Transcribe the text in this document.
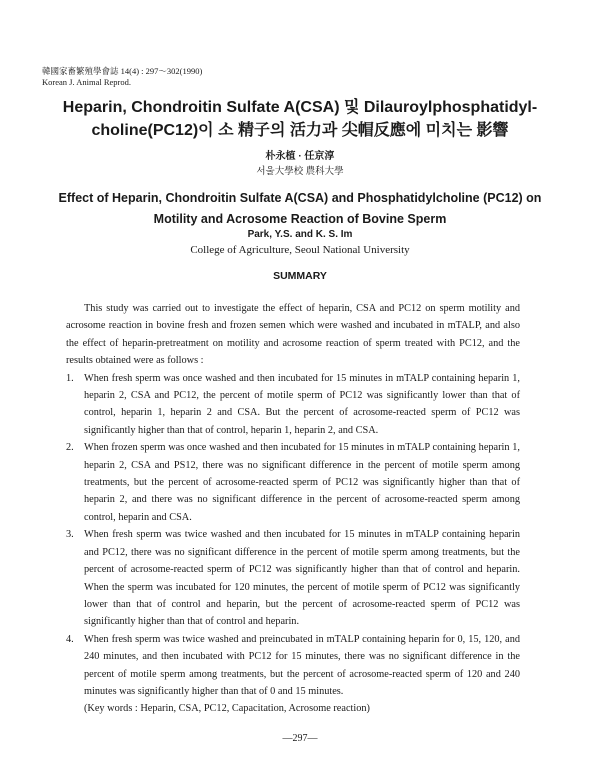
韓國家畜繁殖學會誌 14(4) : 297～302(1990)
Korean J. Animal Reprod.
Heparin, Chondroitin Sulfate A(CSA) 및 Dilauroylphosphatidyl-choline(PC12)이 소 精子의 活力과 尖帽反應에 미치는 影響
朴永植 · 任京淳
서울大學校 農科大學
Effect of Heparin, Chondroitin Sulfate A(CSA) and Phosphatidylcholine (PC12) on Motility and Acrosome Reaction of Bovine Sperm
Park, Y.S. and K. S. Im
College of Agriculture, Seoul National University
SUMMARY

This study was carried out to investigate the effect of heparin, CSA and PC12 on sperm motility and acrosome reaction in bovine fresh and frozen semen which were washed and incubated in mTALP, and also the effect of heparin-pretreatment on motility and acrosome reaction of sperm treated with PC12, and the results obtained were as follows :

1. When fresh sperm was once washed and then incubated for 15 minutes in mTALP containing heparin 1, heparin 2, CSA and PC12, the percent of motile sperm of PC12 was significantly lower than that of control, heparin 1, heparin 2 and CSA. But the percent of acrosome-reacted sperm of PC12 was significantly higher than that of control, heparin 1, heparin 2, and CSA.
2. When frozen sperm was once washed and then incubated for 15 minutes in mTALP containing heparin 1, heparin 2, CSA and PS12, there was no significant difference in the percent of motile sperm among treatments, but the percent of acrosome-reacted sperm of PC12 was significantly higher than that of heparin 2, and there was no significant difference in the percent of acrosome-reacted sperm among control, heparin and CSA.
3. When fresh sperm was twice washed and then incubated for 15 minutes in mTALP containing heparin and PC12, there was no significant difference in the percent of motile sperm among treatments, but the percent of acrosome-reacted sperm of PC12 was significantly higher than that of control and heparin. When the sperm was incubated for 120 minutes, the percent of motile sperm of PC12 was significantly lower than that of control and heparin, but the percent of acrosome-reacted sperm of PC12 was significantly higher than that of control and heparin.
4. When fresh sperm was twice washed and preincubated in mTALP containing heparin for 0, 15, 120, and 240 minutes, and then incubated with PC12 for 15 minutes, there was no significant difference in the percent of motile sperm among treatments, but the percent of acrosome-reacted sperm of 120 and 240 minutes was significantly higher than that of 0 and 15 minutes.

(Key words : Heparin, CSA, PC12, Capacitation, Acrosome reaction)

—297—
